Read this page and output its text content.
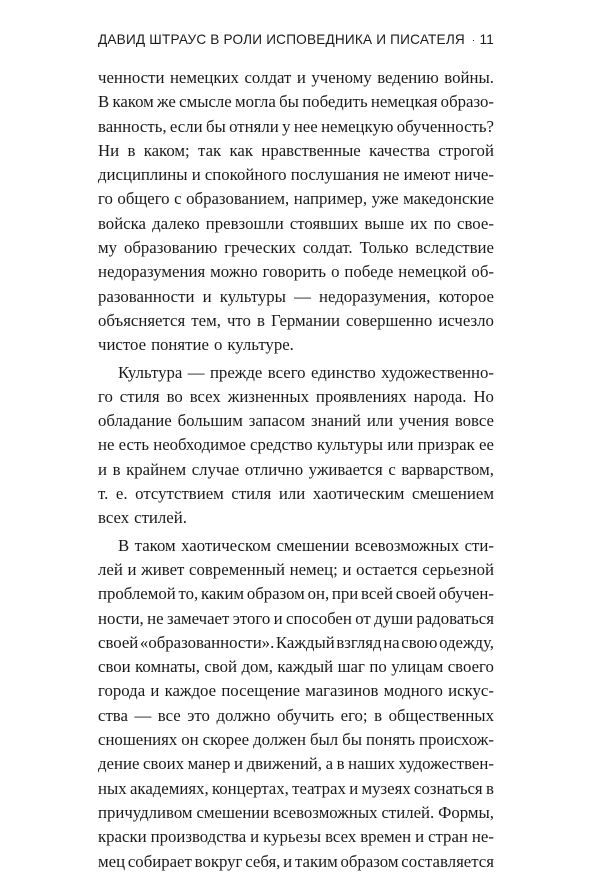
ДАВИД ШТРАУС В РОЛИ ИСПОВЕДНИКА И ПИСАТЕЛЯ 11
ченности немецких солдат и ученому ведению войны.
В каком же смысле могла бы победить немецкая образо-
ванность, если бы отняли у нее немецкую обученность?
Ни в каком; так как нравственные качества строгой
дисциплины и спокойного послушания не имеют ниче-
го общего с образованием, например, уже македонские
войска далеко превзошли стоявших выше их по свое-
му образованию греческих солдат. Только вследствие
недоразумения можно говорить о победе немецкой об-
разованности и культуры — недоразумения, которое
объясняется тем, что в Германии совершенно исчезло
чистое понятие о культуре.
Культура — прежде всего единство художественно-
го стиля во всех жизненных проявлениях народа. Но
обладание большим запасом знаний или учения вовсе
не есть необходимое средство культуры или призрак ее
и в крайнем случае отлично уживается с варварством,
т. е. отсутствием стиля или хаотическим смешением
всех стилей.
В таком хаотическом смешении всевозможных сти-
лей и живет современный немец; и остается серьезной
проблемой то, каким образом он, при всей своей обучен-
ности, не замечает этого и способен от души радоваться
своей «образованности». Каждый взгляд на свою одежду,
свои комнаты, свой дом, каждый шаг по улицам своего
города и каждое посещение магазинов модного искус-
ства — все это должно обучить его; в общественных
сношениях он скорее должен был бы понять происхож-
дение своих манер и движений, а в наших художествен-
ных академиях, концертах, театрах и музеях сознаться в
причудливом смешении всевозможных стилей. Формы,
краски производства и курьезы всех времен и стран не-
мец собирает вокруг себя, и таким образом составляется
